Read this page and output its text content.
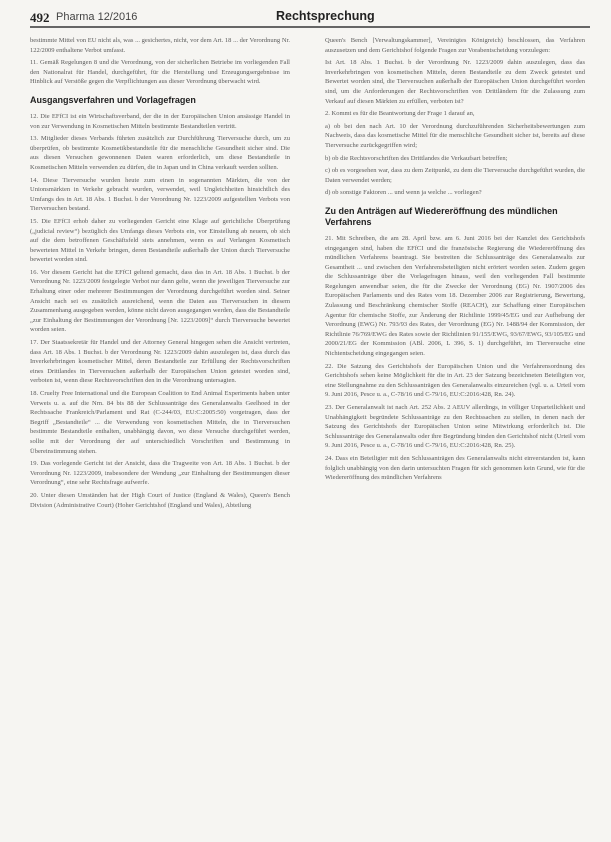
492 Pharma 12/2016	Rechtsprechung

bestimmte Mittel von EU nicht als, was ... gesichertes, nicht, vor dem Art. 18 ... der Verordnung Nr. 122/2009 enthaltene Verbot umfasst.

11. Gemäß Regelungen 8 und die Verordnung, von der sicherlichen Betriebe im vorliegenden Fall den Nationalrat für Handel, durchgeführt, für die Herstellung und Erzeugungsergebnisse im Hinblick auf Verstöße gegen die Verpflichtungen aus dieser Verordnung überwacht wird.

Ausgangsverfahren und Vorlagefragen

12. Die EFfCI ist ein Wirtschaftsverband, der die in der Europäischen Union ansässige Handel in von zur Verwendung in Kosmetischen Mitteln bestimmte Bestandteilen vertritt.

13. Mitglieder dieses Verbands führten zusätzlich zur Durchführung Tierversuche durch, um zu überprüfen, ob bestimmte Kosmetikbestandteile für die menschliche Gesundheit sicher sind. Die aus diesen Versuchen gewonnenen Daten waren erforderlich, um diese Bestandteile in Kosmetischen Mitteln verwenden zu dürfen, die in Japan und in China verkauft werden sollten.

14. Diese Tierversuche wurden heute zum einen in sogenannten Märkten, die von der Unionsmärkten in Verkehr gebracht wurden, verwendet, weil Ungleichheiten hinsichtlich des Umfangs des in Art. 18 Abs. 1 Buchst. b der Verordnung Nr. 1223/2009 aufgestellten Verbots von Tierversuchen bestand.

15. Die EFfCI erhob daher zu vorliegenden Gericht eine Klage auf gerichtliche Überprüfung („judicial review“) bezüglich des Umfangs dieses Verbots ein, vor Einstellung ab neuem, ob sich auf die dem betroffenen Geschäftsfeld stets annehmen, wenn es auf Verlangen Kosmetisch bewerteten Mittel in Verkehr bringen, deren Bestandteile außerhalb der Union durch Tierversuche bewertet worden sind.

16. Vor diesem Gericht hat die EFfCI geltend gemacht, dass das in Art. 18 Abs. 1 Buchst. b der Verordnung Nr. 1223/2009 festgelegte Verbot nur dann gelte, wenn die jeweiligen Tierversuche zur Erhaltung einer oder mehrerer Bestimmungen der Verordnung durchgeführt worden sind. Seiner Ansicht nach sei es zusätzlich ausreichend, wenn die Daten aus Tierversuchen in diesem Zusammenhang ausgegeben werden, könne nicht davon ausgegangen werden, dass die Bestandteile „zur Einhaltung der Bestimmungen der Verordnung [Nr. 1223/2009]“ durch Tierversuche bewertet worden seien.

17. Der Staatssekretär für Handel und der Attorney General hingegen sehen die Ansicht vertreten, dass Art. 18 Abs. 1 Buchst. b der Verordnung Nr. 1223/2009 dahin auszulegen ist, dass durch das Inverkehrbringen kosmetischer Mittel, deren Bestandteile zur Erfüllung der Rechtsvorschriften eines Drittlandes in Tierversuchen außerhalb der Europäischen Union getestet worden sind, verboten ist, wenn diese Rechtsvorschriften den in die Verordnung untersagten.

18. Cruelty Free International und die European Coalition to End Animal Experiments haben unter Verweis u. a. auf die Nrn. 84 bis 88 der Schlussanträge des Generalanwalts Geelhoed in der Rechtssache Frankreich/Parlament und Rat (C-244/03, EU:C:2005:50) vorgetragen, dass der Begriff „Bestandteile“ ... die Verwendung von kosmetischen Mitteln, die in Tierversuchen bestimmte Bestandteile enthalten, unabhängig davon, wo diese Versuche durchgeführt werden, sollte mit der Verordnung der auf unterschiedlich Vorschriften und Bestimmung in Übereinstimmung stehen.

19. Das vorlegende Gericht ist der Ansicht, dass die Tragweite von Art. 18 Abs. 1 Buchst. b der Verordnung Nr. 1223/2009, insbesondere der Wendung „zur Einhaltung der Bestimmungen dieser Verordnung“, eine sehr Rechtsfrage aufwerfe.

20. Unter diesen Umständen hat der High Court of Justice (England & Wales), Queen's Bench Division (Administrative Court) (Hoher Gerichtshof (England und Wales), Abteilung

Queen's Bench [Verwaltungskammer], Vereinigtes Königreich) beschlossen, das Verfahren auszusetzen und dem Gerichtshof folgende Fragen zur Vorabentscheidung vorzulegen:

Ist Art. 18 Abs. 1 Buchst. b der Verordnung Nr. 1223/2009 dahin auszulegen, dass das Inverkehrbringen von kosmetischen Mitteln, deren Bestandteile zu dem Zweck getestet und Bewertet worden sind, die Tierversuchen außerhalb der Europäischen Union durchgeführt worden sind, um die Anforderungen der Rechtsvorschriften von Drittländern für die Zulassung zum Verkauf auf diesen Märkten zu erfüllen, verboten ist?

2. Kommt es für die Beantwortung der Frage 1 darauf an,

a) ob bei den nach Art. 10 der Verordnung durchzuführenden Sicherheitsbewertungen zum Nachweis, dass das kosmetische Mittel für die menschliche Gesundheit sicher ist, bereits auf diese Tierversuche zurückgegriffen wird;

b) ob die Rechtsvorschriften des Drittlandes die Verkaufsart betreffen;

c) ob es vorgesehen war, dass zu dem Zeitpunkt, zu dem die Tierversuche durchgeführt wurden, die Daten verwendet werden;

d) ob sonstige Faktoren ... und wenn ja welche ... vorliegen?

Zu den Anträgen auf Wiedereröffnung des mündlichen Verfahrens

21. Mit Schreiben, die am 28. April bzw. am 6. Juni 2016 bei der Kanzlei des Gerichtshofs eingegangen sind, haben die EFfCI und die französische Regierung die Wiedereröffnung des mündlichen Verfahrens beantragt. Sie bestreiten die Schlussanträge des Generalanwalts zur Gesamtheit ... und zwischen den Verfahrensbeteiligten nicht erörtert worden seien. Zudem gegen die Schlussanträge über die Vorlagefragen hinaus, weil den vorliegenden Fall bestimmte Regelungen anwendbar seien, die für die Zwecke der Verordnung (EG) Nr. 1907/2006 des Europäischen Parlaments und des Rates vom 18. Dezember 2006 zur Registrierung, Bewertung, Zulassung und Beschränkung chemischer Stoffe (REACH), zur Schaffung einer Europäischen Agentur für chemische Stoffe, zur Änderung der Richtlinie 1999/45/EG und zur Aufhebung der Verordnung (EWG) Nr. 793/93 des Rates, der Verordnung (EG) Nr. 1488/94 der Kommission, der Richtlinie 76/769/EWG des Rates sowie der Richtlinien 91/155/EWG, 93/67/EWG, 93/105/EG und 2000/21/EG der Kommission (ABl. 2006, L 396, S. 1) durchgeführt, im Tierversuche eine Nichtentscheidung eingegangen seien.

22. Die Satzung des Gerichtshofs der Europäischen Union und die Verfahrensordnung des Gerichtshofs sehen keine Möglichkeit für die in Art. 23 der Satzung bezeichneten Beteiligten vor, eine Stellungnahme zu den Schlussanträgen des Generalanwalts einzureichen (vgl. u. a. Urteil vom 9. Juni 2016, Pesce u. a., C-78/16 und C-79/16, EU:C:2016:428, Rn. 24).

23. Der Generalanwalt ist nach Art. 252 Abs. 2 AEUV allerdings, in völliger Unparteilichkeit und Unabhängigkeit begründete Schlussanträge zu den Rechtssachen zu stellen, in denen nach der Satzung des Gerichtshofs der Europäischen Union seine Mitwirkung erforderlich ist. Die Schlussanträge des Generalanwalts oder ihre Begründung binden den Gerichtshof nicht (Urteil vom 9. Juni 2016, Pesce u. a., C-78/16 und C-79/16, EU:C:2016:428, Rn. 25).

24. Dass ein Beteiligter mit den Schlussanträgen des Generalanwalts nicht einverstanden ist, kann folglich unabhängig von den darin untersuchten Fragen für sich genommen kein Grund, wie für die Wiedereröffnung des mündlichen Verfahrens
